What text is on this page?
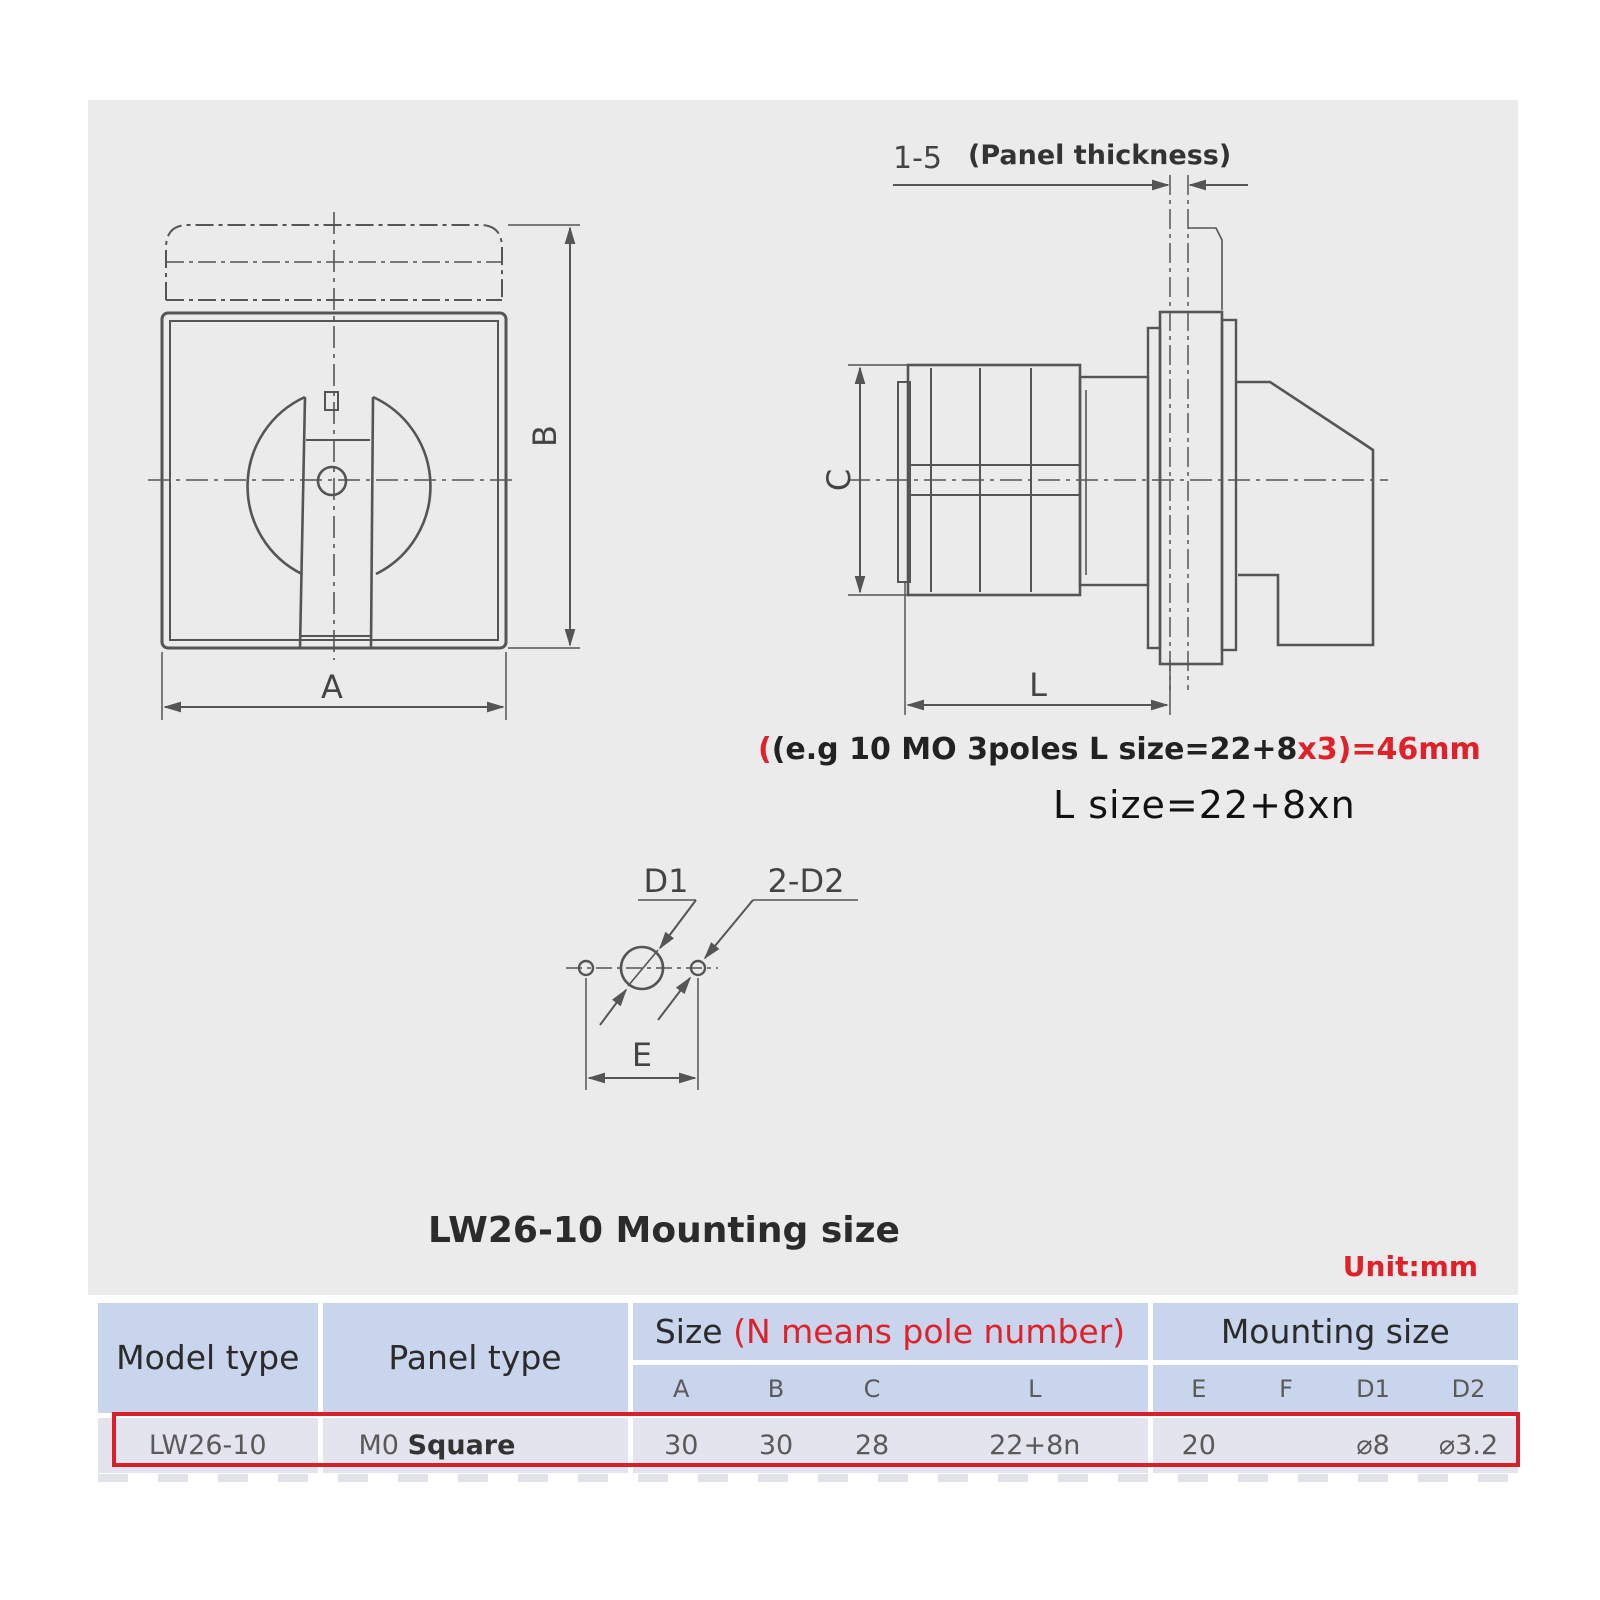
A
B
C
L
E
D1 2-D2
1-5 (Panel thickness)
((e.g 10 MO 3poles L size=22+8x3)=46mm
L size=22+8xn
LW26-10 Mounting size
Unit:mm
Model type	Panel type	Size (N means pole number)				Mounting size			
		A	B	C	L	E	F	D1	D2
LW26-10	M0 Square	30	30	28	22+8n	20		⌀8	⌀3.2
